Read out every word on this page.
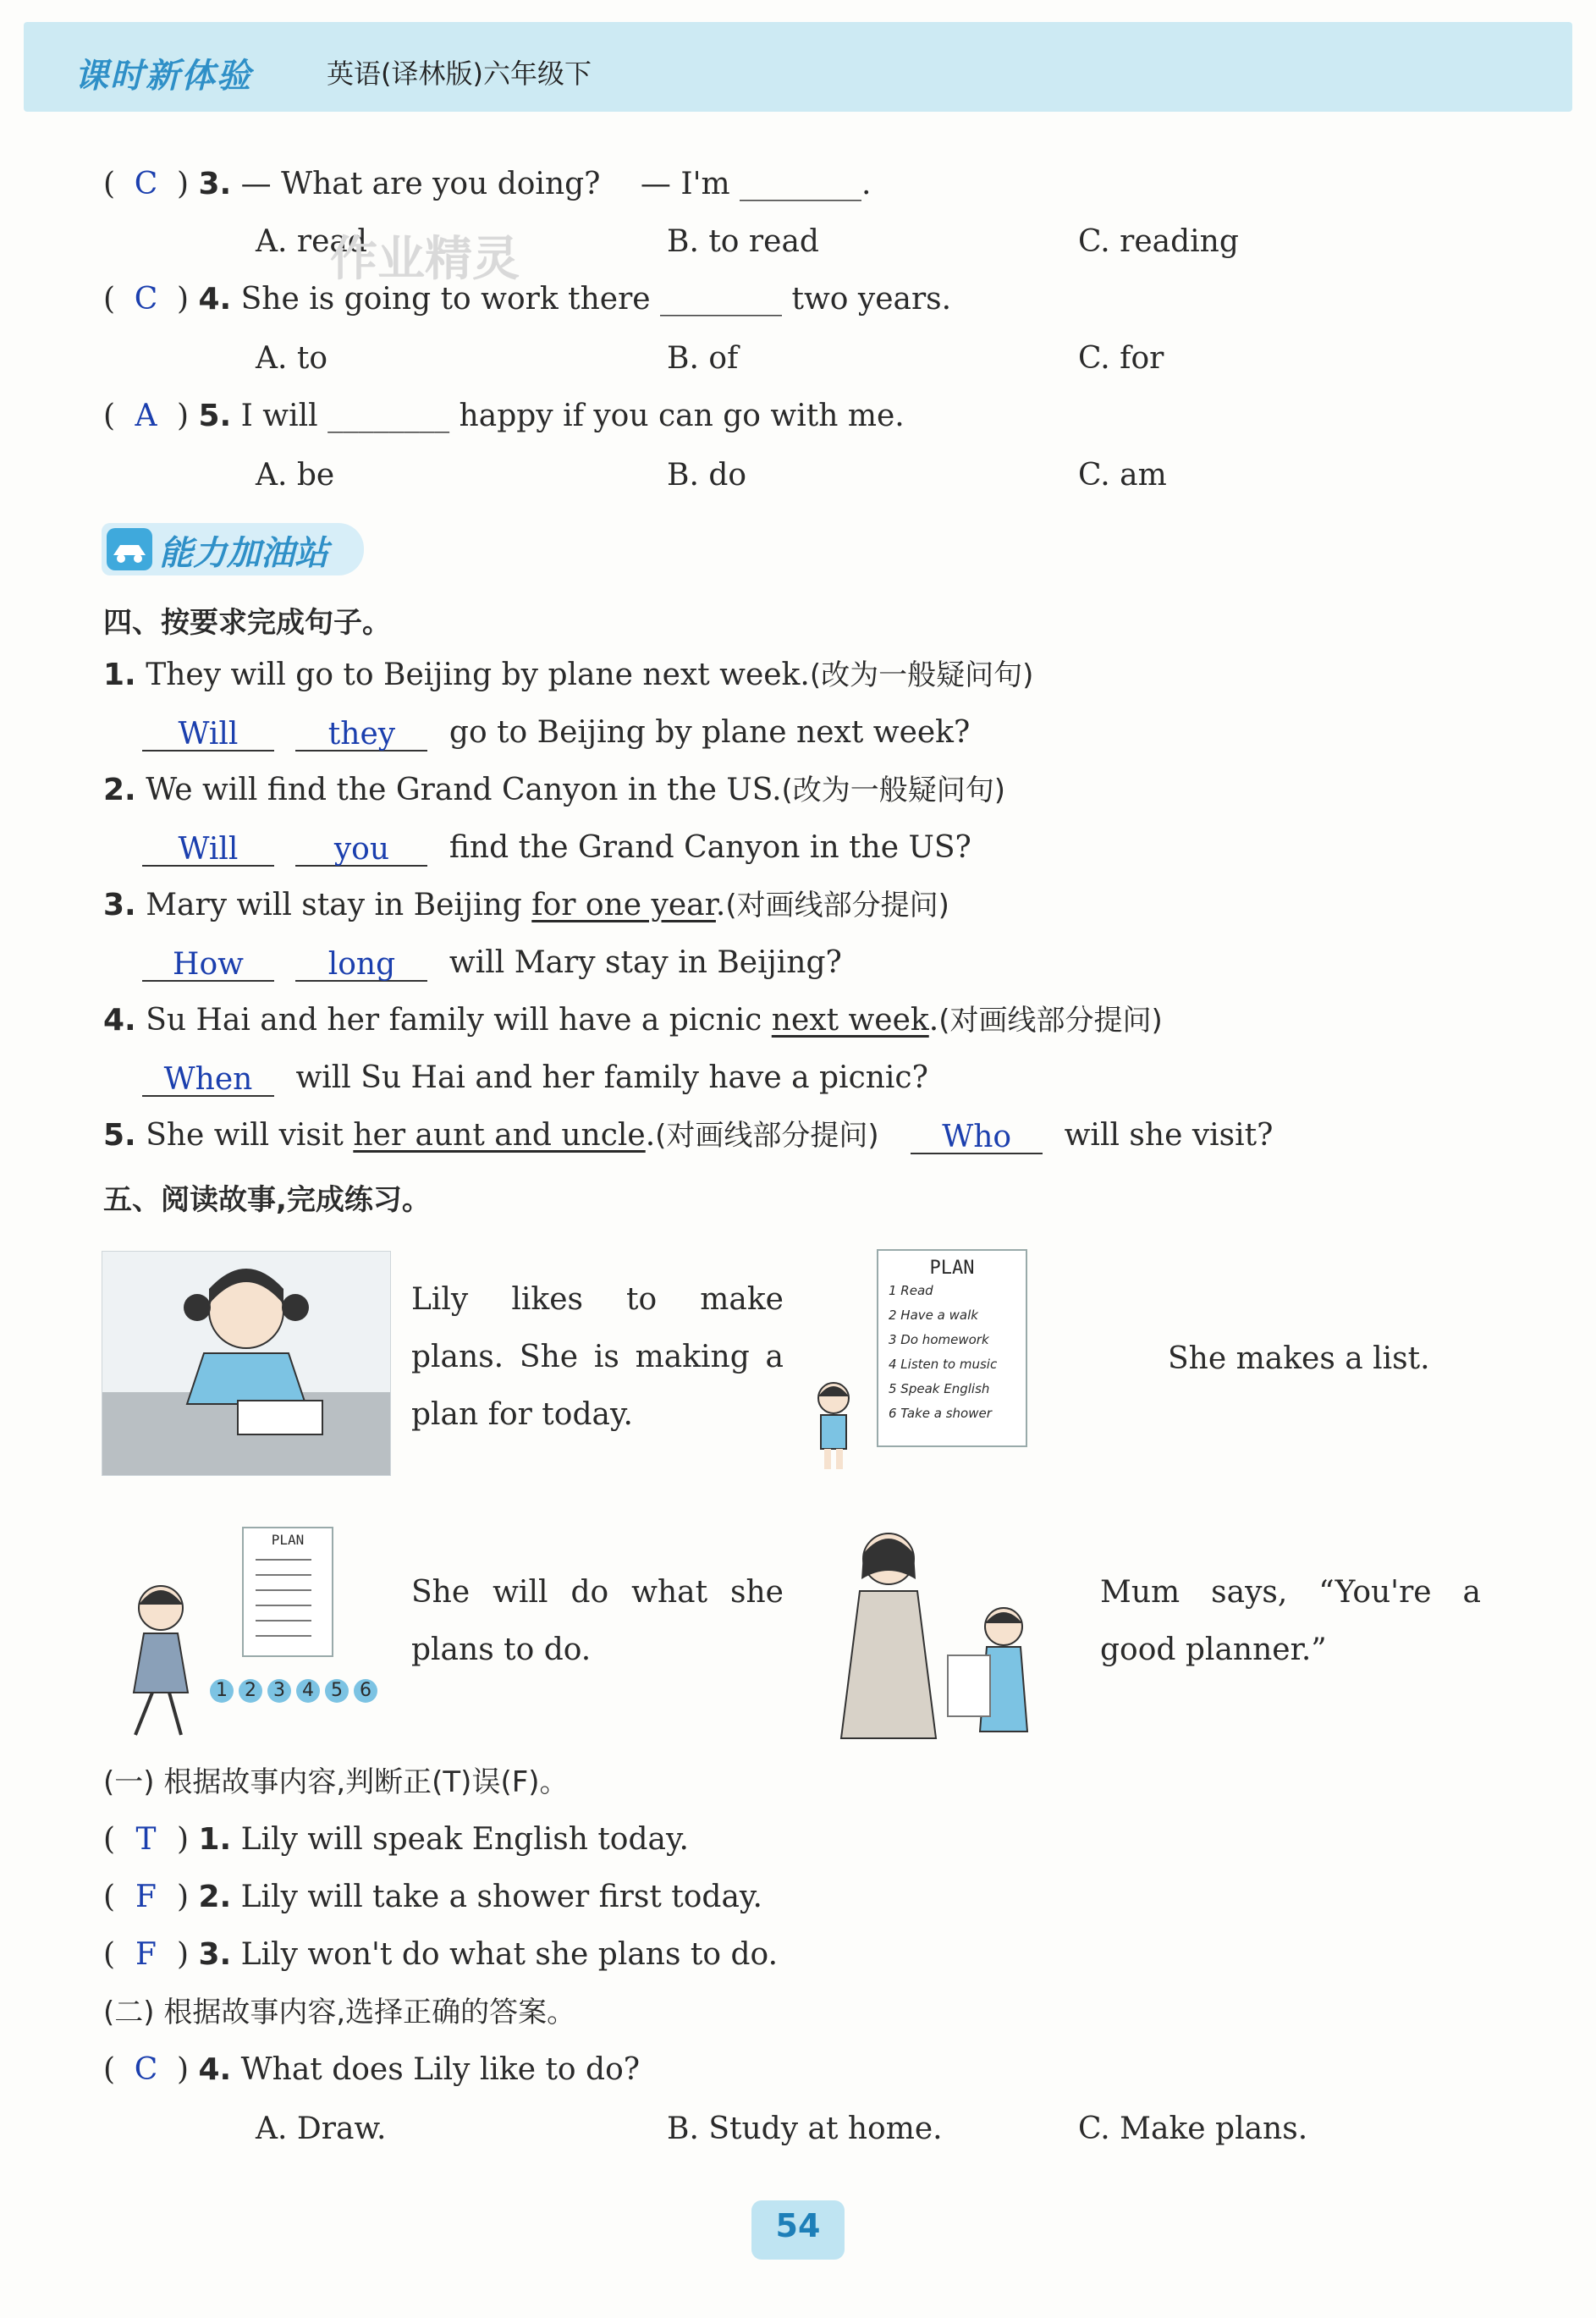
课时新体验	英语(译林版)六年级下
( C ) 3. — What are you doing?　 — I'm ________.
A. read	B. to read	C. reading
( C ) 4. She is going to work there ________ two years.
A. to	B. of	C. for
( A ) 5. I will ________ happy if you can go with me.
A. be	B. do	C. am
作业精灵
能力加油站
四、按要求完成句子。
1. They will go to Beijing by plane next week.(改为一般疑问句)
Will	they go to Beijing by plane next week?
2. We will find the Grand Canyon in the US.(改为一般疑问句)
Will	you find the Grand Canyon in the US?
3. Mary will stay in Beijing for one year.(对画线部分提问)
How	long will Mary stay in Beijing?
4. Su Hai and her family will have a picnic next week.(对画线部分提问)
When will Su Hai and her family have a picnic?
5. She will visit her aunt and uncle.(对画线部分提问) Who will she visit?
五、阅读故事,完成练习。
Lily likes to make plans. She is making a plan for today.
PLAN
1 Read
2 Have a walk
3 Do homework
4 Listen to music
5 Speak English
6 Take a shower
She makes a list.
PLAN
1 2 3 4 5 6
She will do what she plans to do.
Mum says, “You're a good planner.”
(一) 根据故事内容,判断正(T)误(F)。
( T ) 1. Lily will speak English today.
( F ) 2. Lily will take a shower first today.
( F ) 3. Lily won't do what she plans to do.
(二) 根据故事内容,选择正确的答案。
( C ) 4. What does Lily like to do?
A. Draw.	B. Study at home.	C. Make plans.
54
